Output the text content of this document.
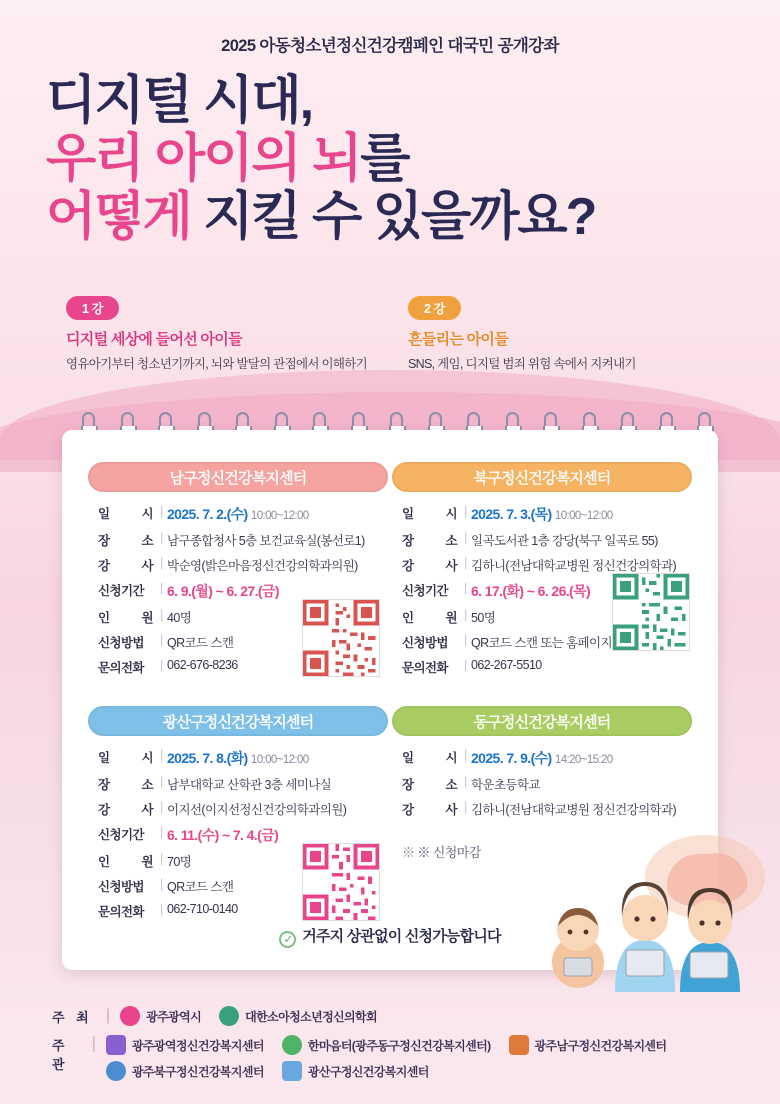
2025 아동청소년정신건강캠페인 대국민 공개강좌
디지털 시대,
우리 아이의 뇌를
어떻게 지킬 수 있을까요?
1 강
디지털 세상에 들어선 아이들
영유아기부터 청소년기까지, 뇌와 발달의 관점에서 이해하기
2 강
흔들리는 아이들
SNS, 게임, 디지털 범죄 위험 속에서 지켜내기
남구정신건강복지센터
일	시 | 2025. 7. 2.(수) 10:00~12:00
장	소 | 남구종합청사 5층 보건교육실(봉선로1)
강	사 | 박순영(밝은마음정신건강의학과의원)
신청기간	| 6. 9.(월) ~ 6. 27.(금)
인	원 | 40명
신청방법	| QR코드 스캔
문의전화	| 062-676-8236
북구정신건강복지센터
일	시 | 2025. 7. 3.(목) 10:00~12:00
장	소 | 일곡도서관 1층 강당(북구 일곡로 55)
강	사 | 김하니(전남대학교병원 정신건강의학과)
신청기간	| 6. 17.(화) ~ 6. 26.(목)
인	원 | 50명
신청방법	| QR코드 스캔 또는 홈페이지
문의전화	| 062-267-5510
광산구정신건강복지센터
일	시 | 2025. 7. 8.(화) 10:00~12:00
장	소 | 남부대학교 산학관 3층 세미나실
강	사 | 이지선(이지선정신건강의학과의원)
신청기간	| 6. 11.(수) ~ 7. 4.(금)
인	원 | 70명
신청방법	| QR코드 스캔
문의전화	| 062-710-0140
동구정신건강복지센터
일	시 | 2025. 7. 9.(수) 14:20~15:20
장	소 | 학운초등학교
강	사 | 김하니(전남대학교병원 정신건강의학과)
※ ※ 신청마감
✓ 거주지 상관없이 신청가능합니다
주 최 |	광주광역시	대한소아청소년정신의학회
주 관
|	광주광역정신건강복지센터	한마음터(광주동구정신건강복지센터)	광주남구정신건강복지센터
광주북구정신건강복지센터	광산구정신건강복지센터
